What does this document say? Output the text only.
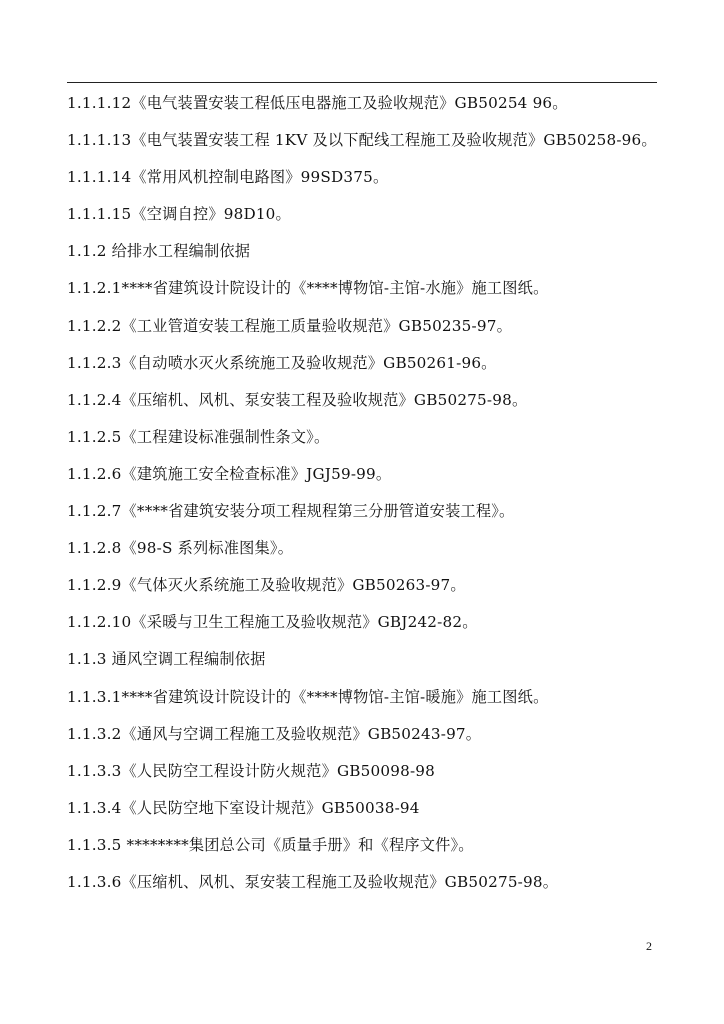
1.1.1.12《电气装置安装工程低压电器施工及验收规范》GB50254 96。
1.1.1.13《电气装置安装工程 1KV 及以下配线工程施工及验收规范》GB50258-96。
1.1.1.14《常用风机控制电路图》99SD375。
1.1.1.15《空调自控》98D10。
1.1.2 给排水工程编制依据
1.1.2.1****省建筑设计院设计的《****博物馆-主馆-水施》施工图纸。
1.1.2.2《工业管道安装工程施工质量验收规范》GB50235-97。
1.1.2.3《自动喷水灭火系统施工及验收规范》GB50261-96。
1.1.2.4《压缩机、风机、泵安装工程及验收规范》GB50275-98。
1.1.2.5《工程建设标准强制性条文》。
1.1.2.6《建筑施工安全检查标准》JGJ59-99。
1.1.2.7《****省建筑安装分项工程规程第三分册管道安装工程》。
1.1.2.8《98-S 系列标准图集》。
1.1.2.9《气体灭火系统施工及验收规范》GB50263-97。
1.1.2.10《采暖与卫生工程施工及验收规范》GBJ242-82。
1.1.3 通风空调工程编制依据
1.1.3.1****省建筑设计院设计的《****博物馆-主馆-暖施》施工图纸。
1.1.3.2《通风与空调工程施工及验收规范》GB50243-97。
1.1.3.3《人民防空工程设计防火规范》GB50098-98
1.1.3.4《人民防空地下室设计规范》GB50038-94
1.1.3.5 ********集团总公司《质量手册》和《程序文件》。
1.1.3.6《压缩机、风机、泵安装工程施工及验收规范》GB50275-98。
2
